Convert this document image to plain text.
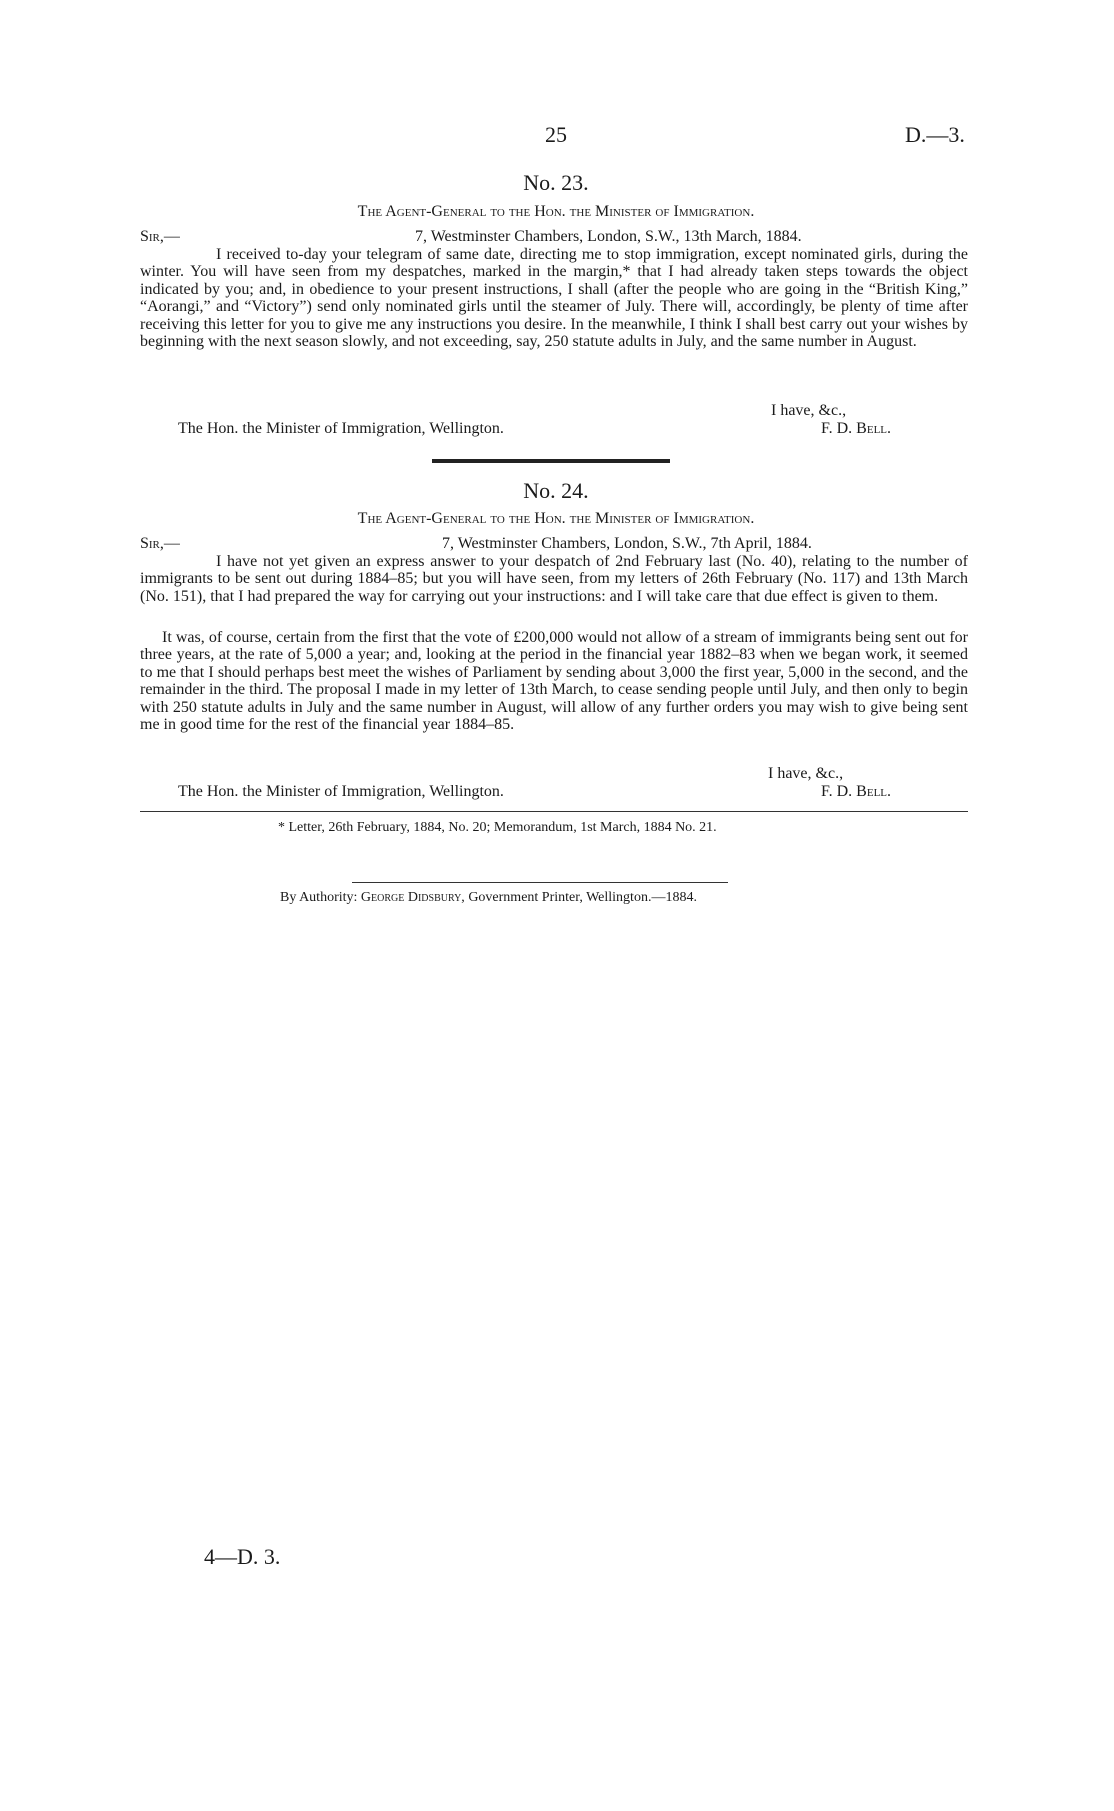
25	D.—3.
No. 23.
The Agent-General to the Hon. the Minister of Immigration.
Sir,—	7, Westminster Chambers, London, S.W., 13th March, 1884.

I received to-day your telegram of same date, directing me to stop immigration, except nominated girls, during the winter. You will have seen from my despatches, marked in the margin,* that I had already taken steps towards the object indicated by you; and, in obedience to your present instructions, I shall (after the people who are going in the “British King,” “Aorangi,” and “Victory”) send only nominated girls until the steamer of July. There will, accordingly, be plenty of time after receiving this letter for you to give me any instructions you desire. In the meanwhile, I think I shall best carry out your wishes by beginning with the next season slowly, and not exceeding, say, 250 statute adults in July, and the same number in August.

I have, &c.,
The Hon. the Minister of Immigration, Wellington.	F. D. Bell.
No. 24.
The Agent-General to the Hon. the Minister of Immigration.
Sir,—	7, Westminster Chambers, London, S.W., 7th April, 1884.

I have not yet given an express answer to your despatch of 2nd February last (No. 40), relating to the number of immigrants to be sent out during 1884–85; but you will have seen, from my letters of 26th February (No. 117) and 13th March (No. 151), that I had prepared the way for carrying out your instructions: and I will take care that due effect is given to them.

It was, of course, certain from the first that the vote of £200,000 would not allow of a stream of immigrants being sent out for three years, at the rate of 5,000 a year; and, looking at the period in the financial year 1882–83 when we began work, it seemed to me that I should perhaps best meet the wishes of Parliament by sending about 3,000 the first year, 5,000 in the second, and the remainder in the third. The proposal I made in my letter of 13th March, to cease sending people until July, and then only to begin with 250 statute adults in July and the same number in August, will allow of any further orders you may wish to give being sent me in good time for the rest of the financial year 1884–85.

I have, &c.,
The Hon. the Minister of Immigration, Wellington.	F. D. Bell.
* Letter, 26th February, 1884, No. 20; Memorandum, 1st March, 1884 No. 21.
By Authority: George Didsbury, Government Printer, Wellington.—1884.
4—D. 3.
